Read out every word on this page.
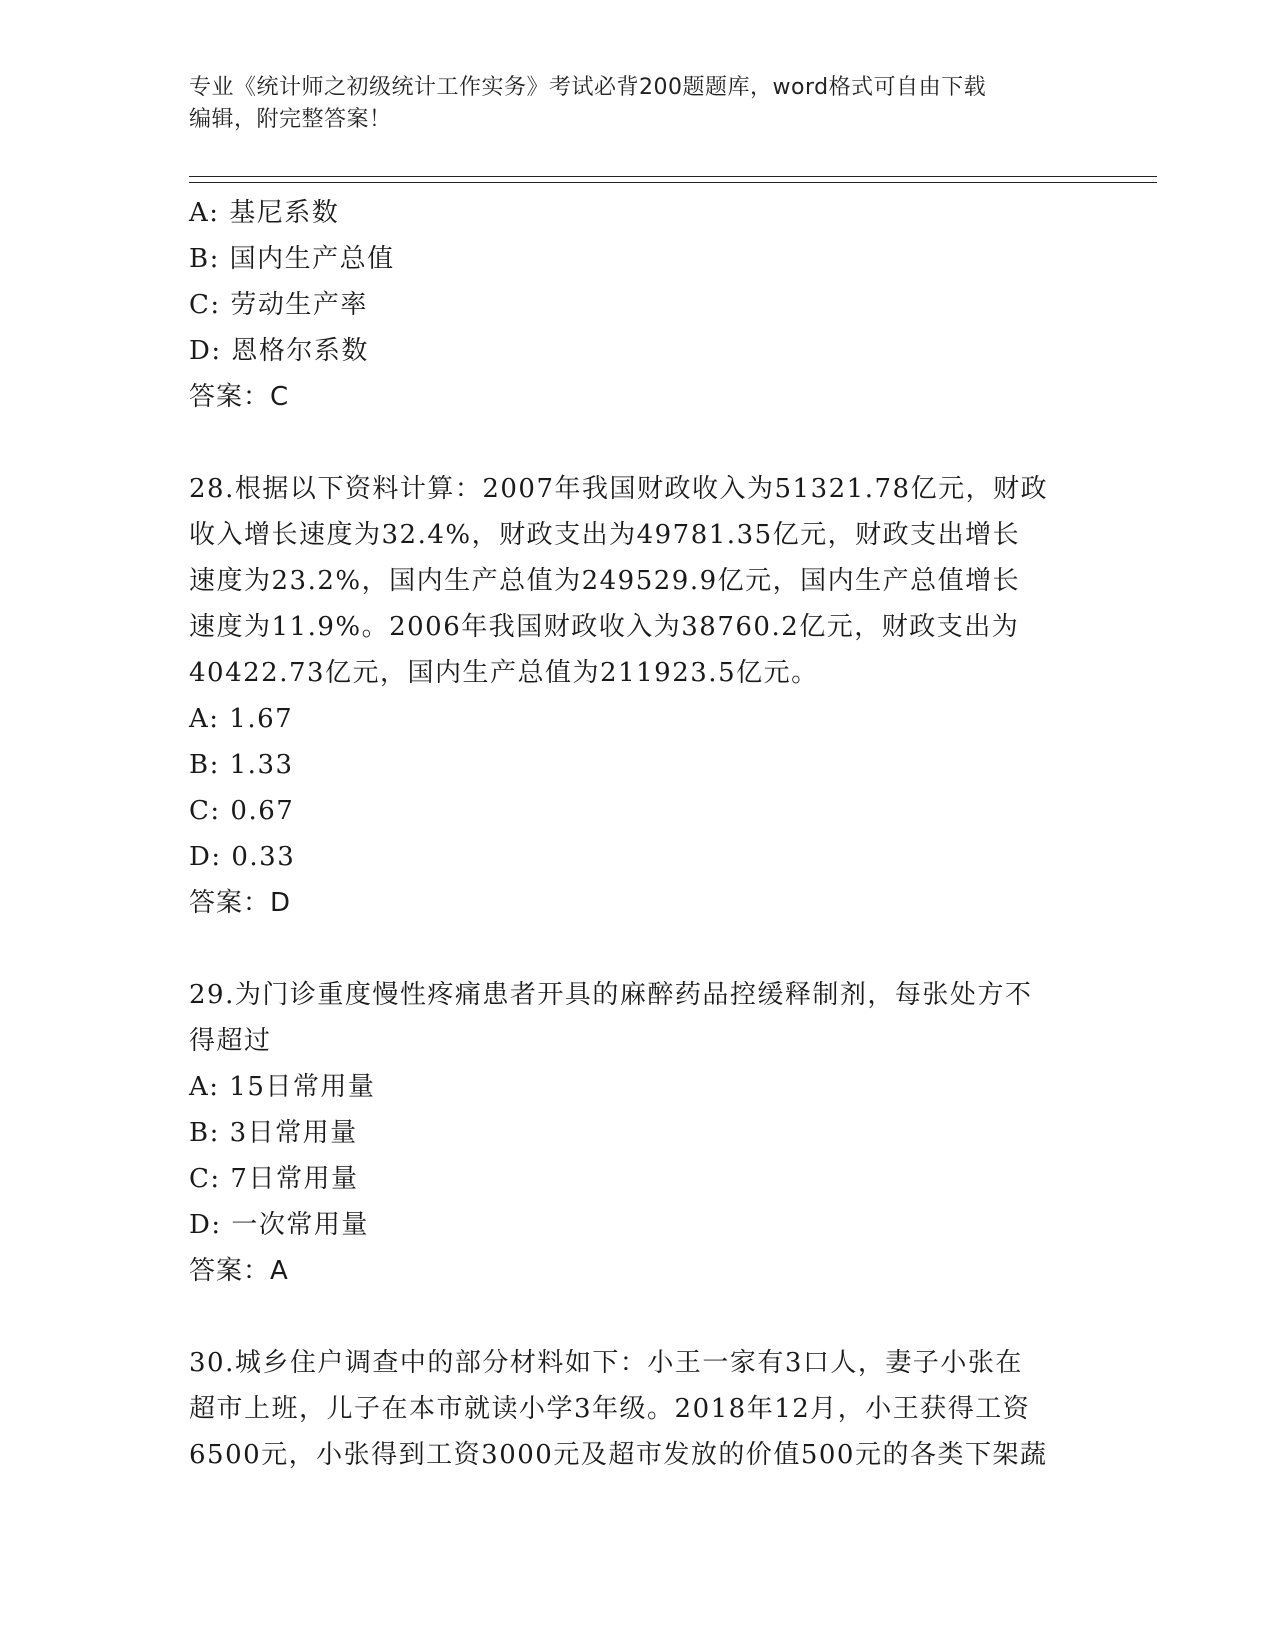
专业《统计师之初级统计工作实务》考试必背200题题库，word格式可自由下载
编辑，附完整答案！
A: 基尼系数
B: 国内生产总值
C: 劳动生产率
D: 恩格尔系数
答案：C
28.根据以下资料计算：2007年我国财政收入为51321.78亿元，财政
收入增长速度为32.4%，财政支出为49781.35亿元，财政支出增长
速度为23.2%，国内生产总值为249529.9亿元，国内生产总值增长
速度为11.9%。2006年我国财政收入为38760.2亿元，财政支出为
40422.73亿元，国内生产总值为211923.5亿元。
A: 1.67
B: 1.33
C: 0.67
D: 0.33
答案：D
29.为门诊重度慢性疼痛患者开具的麻醉药品控缓释制剂，每张处方不
得超过
A: 15日常用量
B: 3日常用量
C: 7日常用量
D: 一次常用量
答案：A
30.城乡住户调查中的部分材料如下：小王一家有3口人，妻子小张在
超市上班，儿子在本市就读小学3年级。2018年12月，小王获得工资
6500元，小张得到工资3000元及超市发放的价值500元的各类下架蔬
